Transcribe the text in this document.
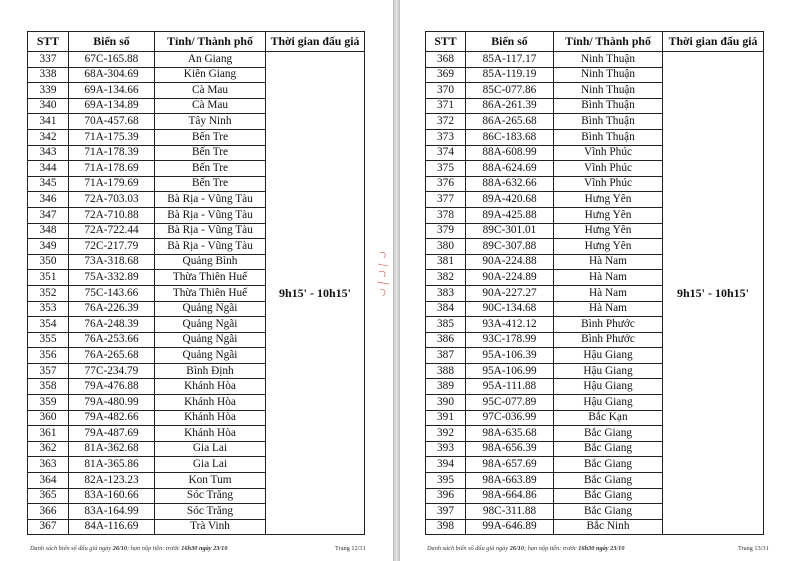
STT	Biển số	Tỉnh/ Thành phố	Thời gian đấu giá
337	67C-165.88	An Giang	9h15' - 10h15'
338	68A-304.69	Kiên Giang	
339	69A-134.66	Cà Mau	
340	69A-134.89	Cà Mau	
341	70A-457.68	Tây Ninh	
342	71A-175.39	Bến Tre	
343	71A-178.39	Bến Tre	
344	71A-178.69	Bến Tre	
345	71A-179.69	Bến Tre	
346	72A-703.03	Bà Rịa - Vũng Tàu	
347	72A-710.88	Bà Rịa - Vũng Tàu	
348	72A-722.44	Bà Rịa - Vũng Tàu	
349	72C-217.79	Bà Rịa - Vũng Tàu	
350	73A-318.68	Quảng Bình	
351	75A-332.89	Thừa Thiên Huế	
352	75C-143.66	Thừa Thiên Huế	
353	76A-226.39	Quảng Ngãi	
354	76A-248.39	Quảng Ngãi	
355	76A-253.66	Quảng Ngãi	
356	76A-265.68	Quảng Ngãi	
357	77C-234.79	Bình Định	
358	79A-476.88	Khánh Hòa	
359	79A-480.99	Khánh Hòa	
360	79A-482.66	Khánh Hòa	
361	79A-487.69	Khánh Hòa	
362	81A-362.68	Gia Lai	
363	81A-365.86	Gia Lai	
364	82A-123.23	Kon Tum	
365	83A-160.66	Sóc Trăng	
366	83A-164.99	Sóc Trăng	
367	84A-116.69	Trà Vinh	
Danh sách biển số đấu giá ngày 26/10; hạn nộp tiền: trước 16h30 ngày 23/10	Trang 12/31
STT	Biển số	Tỉnh/ Thành phố	Thời gian đấu giá
368	85A-117.17	Ninh Thuận	9h15' - 10h15'
369	85A-119.19	Ninh Thuận	
370	85C-077.86	Ninh Thuận	
371	86A-261.39	Bình Thuận	
372	86A-265.68	Bình Thuận	
373	86C-183.68	Bình Thuận	
374	88A-608.99	Vĩnh Phúc	
375	88A-624.69	Vĩnh Phúc	
376	88A-632.66	Vĩnh Phúc	
377	89A-420.68	Hưng Yên	
378	89A-425.88	Hưng Yên	
379	89C-301.01	Hưng Yên	
380	89C-307.88	Hưng Yên	
381	90A-224.88	Hà Nam	
382	90A-224.89	Hà Nam	
383	90A-227.27	Hà Nam	
384	90C-134.68	Hà Nam	
385	93A-412.12	Bình Phước	
386	93C-178.99	Bình Phước	
387	95A-106.39	Hậu Giang	
388	95A-106.99	Hậu Giang	
389	95A-111.88	Hậu Giang	
390	95C-077.89	Hậu Giang	
391	97C-036.99	Bắc Kạn	
392	98A-635.68	Bắc Giang	
393	98A-656.39	Bắc Giang	
394	98A-657.69	Bắc Giang	
395	98A-663.89	Bắc Giang	
396	98A-664.86	Bắc Giang	
397	98C-311.88	Bắc Giang	
398	99A-646.89	Bắc Ninh	
Danh sách biển số đấu giá ngày 26/10; hạn nộp tiền: trước 16h30 ngày 23/10	Trang 13/31
